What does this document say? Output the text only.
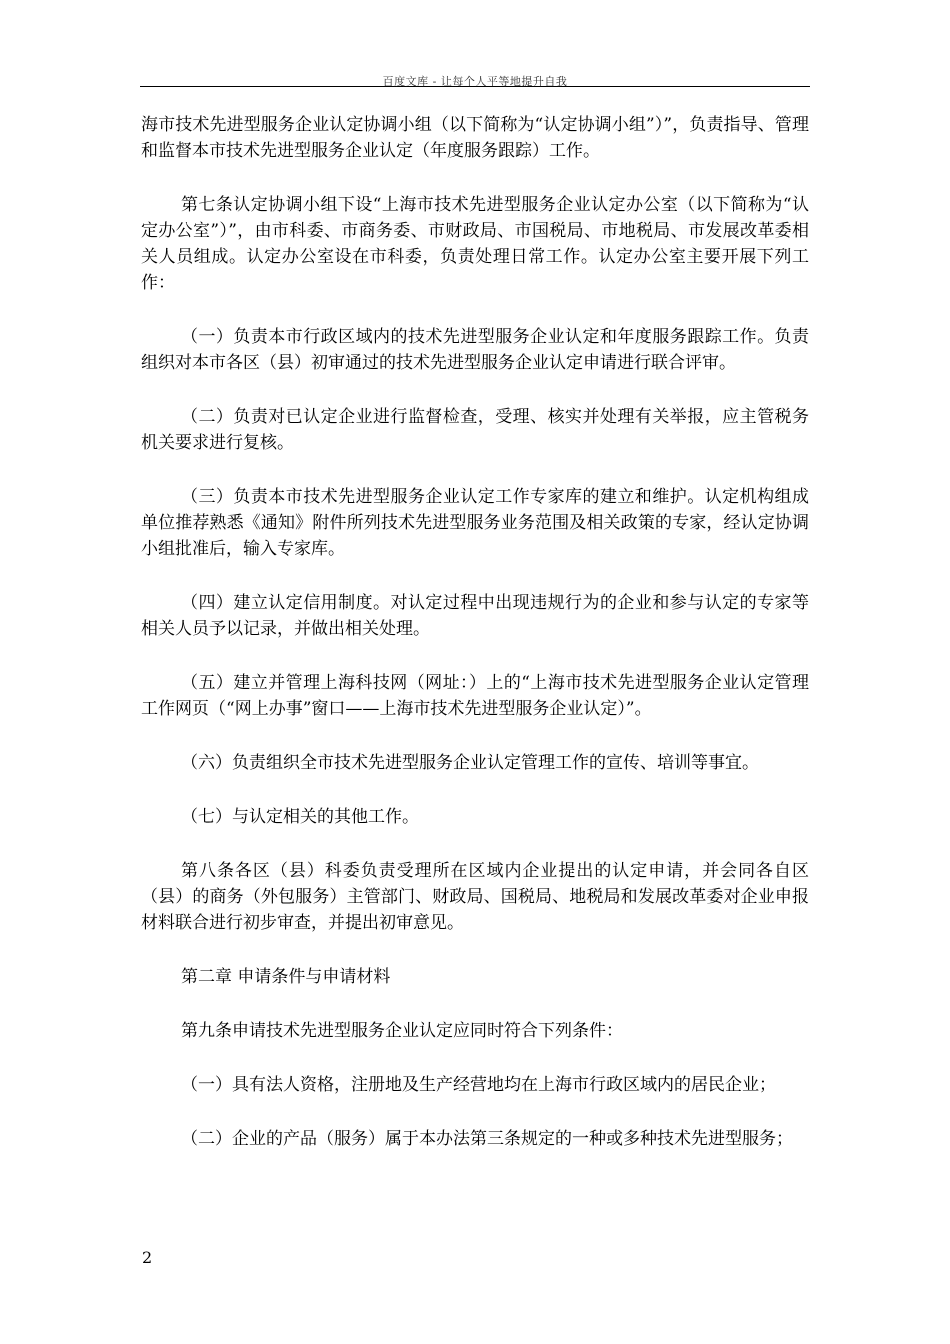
百度文库 - 让每个人平等地提升自我

海市技术先进型服务企业认定协调小组（以下简称为“认定协调小组”）”，负责指导、管理和监督本市技术先进型服务企业认定（年度服务跟踪）工作。

第七条认定协调小组下设“上海市技术先进型服务企业认定办公室（以下简称为“认定办公室”）”，由市科委、市商务委、市财政局、市国税局、市地税局、市发展改革委相关人员组成。认定办公室设在市科委，负责处理日常工作。认定办公室主要开展下列工作：

（一）负责本市行政区域内的技术先进型服务企业认定和年度服务跟踪工作。负责组织对本市各区（县）初审通过的技术先进型服务企业认定申请进行联合评审。

（二）负责对已认定企业进行监督检查，受理、核实并处理有关举报，应主管税务机关要求进行复核。

（三）负责本市技术先进型服务企业认定工作专家库的建立和维护。认定机构组成单位推荐熟悉《通知》附件所列技术先进型服务业务范围及相关政策的专家，经认定协调小组批准后，输入专家库。

（四）建立认定信用制度。对认定过程中出现违规行为的企业和参与认定的专家等相关人员予以记录，并做出相关处理。

（五）建立并管理上海科技网（网址：）上的“上海市技术先进型服务企业认定管理工作网页（“网上办事”窗口——上海市技术先进型服务企业认定）”。

（六）负责组织全市技术先进型服务企业认定管理工作的宣传、培训等事宜。

（七）与认定相关的其他工作。

第八条各区（县）科委负责受理所在区域内企业提出的认定申请，并会同各自区（县）的商务（外包服务）主管部门、财政局、国税局、地税局和发展改革委对企业申报材料联合进行初步审查，并提出初审意见。

第二章 申请条件与申请材料

第九条申请技术先进型服务企业认定应同时符合下列条件：

（一）具有法人资格，注册地及生产经营地均在上海市行政区域内的居民企业；

（二）企业的产品（服务）属于本办法第三条规定的一种或多种技术先进型服务；

2
